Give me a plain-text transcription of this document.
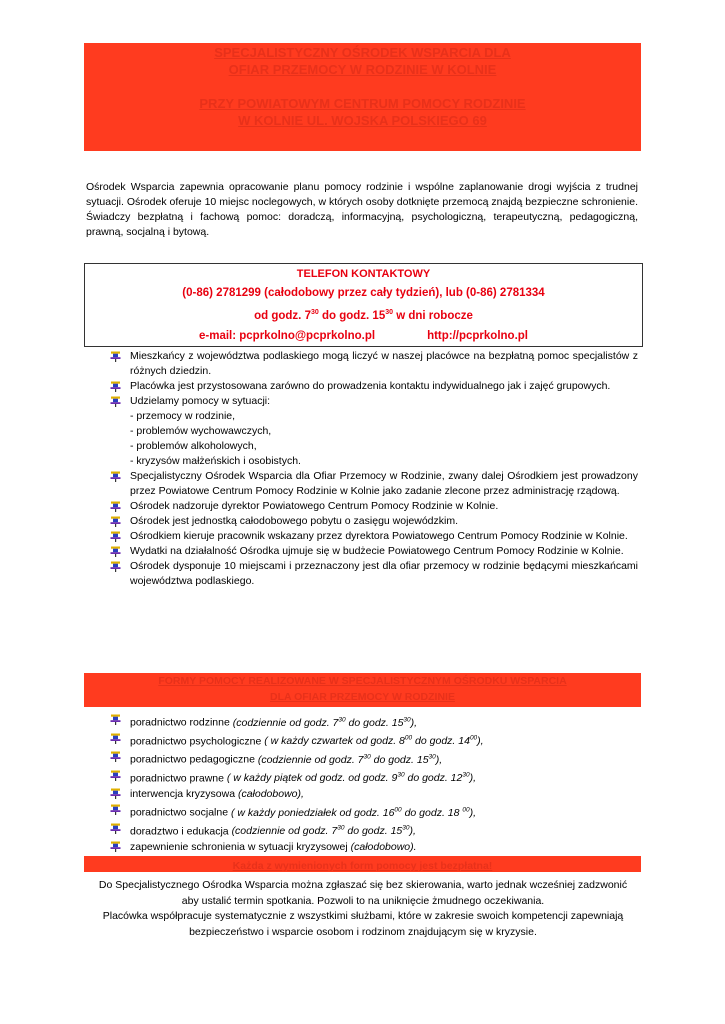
SPECJALISTYCZNY OŚRODEK WSPARCIA DLA
OFIAR PRZEMOCY W RODZINIE W KOLNIE
PRZY POWIATOWYM CENTRUM POMOCY RODZINIE
W KOLNIE UL. WOJSKA POLSKIEGO 69
Ośrodek Wsparcia zapewnia opracowanie planu pomocy rodzinie i wspólne zaplanowanie drogi wyjścia z trudnej sytuacji. Ośrodek oferuje 10 miejsc noclegowych, w których osoby dotknięte przemocą znajdą bezpieczne schronienie. Świadczy bezpłatną i fachową pomoc: doradczą, informacyjną, psychologiczną, terapeutyczną, pedagogiczną, prawną, socjalną i bytową.
TELEFON KONTAKTOWY
(0-86) 2781299 (całodobowy przez cały tydzień), lub (0-86) 2781334
od godz. $7^{30}$ do godz. $15^{30}$ w dni robocze
e-mail: pcprkolno@pcprkolno.pl	http://pcprkolno.pl
Mieszkańcy z województwa podlaskiego mogą liczyć w naszej placówce na bezpłatną pomoc specjalistów z różnych dziedzin.
Placówka jest przystosowana zarówno do prowadzenia kontaktu indywidualnego jak i zajęć grupowych.
Udzielamy pomocy w sytuacji:
- przemocy w rodzinie,
- problemów wychowawczych,
- problemów alkoholowych,
- kryzysów małżeńskich i osobistych.
Specjalistyczny Ośrodek Wsparcia dla Ofiar Przemocy w Rodzinie, zwany dalej Ośrodkiem jest prowadzony przez Powiatowe Centrum Pomocy Rodzinie w Kolnie jako zadanie zlecone przez administrację rządową.
Ośrodek nadzoruje dyrektor Powiatowego Centrum Pomocy Rodzinie w Kolnie.
Ośrodek jest jednostką całodobowego pobytu o zasięgu wojewódzkim.
Ośrodkiem kieruje pracownik wskazany przez dyrektora Powiatowego Centrum Pomocy Rodzinie w Kolnie.
Wydatki na działalność Ośrodka ujmuje się w budżecie Powiatowego Centrum Pomocy Rodzinie w Kolnie.
Ośrodek dysponuje 10 miejscami i przeznaczony jest dla ofiar przemocy w rodzinie będącymi mieszkańcami województwa podlaskiego.
FORMY POMOCY REALIZOWANE W SPECJALISTYCZNYM OŚRODKU WSPARCIA
DLA OFIAR PRZEMOCY W RODZINIE
poradnictwo rodzinne (codziennie od godz. $7^{30}$ do godz. $15^{30}$),
poradnictwo psychologiczne ( w każdy czwartek od godz. $8^{00}$ do godz. $14^{00}$),
poradnictwo pedagogiczne (codziennie od godz. $7^{30}$ do godz. $15^{30}$),
poradnictwo prawne ( w każdy piątek od godz. od godz. $9^{30}$ do godz. $12^{30}$),
interwencja kryzysowa (całodobowo),
poradnictwo socjalne ( w każdy poniedziałek od godz. $16^{00}$ do godz. 18 $^{00}$),
doradztwo i edukacja (codziennie od godz. $7^{30}$ do godz. $15^{30}$),
zapewnienie schronienia w sytuacji kryzysowej (całodobowo).
Każda z wymienionych form pomocy jest bezpłatna!
Do Specjalistycznego Ośrodka Wsparcia można zgłaszać się bez skierowania, warto jednak wcześniej zadzwonić
aby ustalić termin spotkania. Pozwoli to na uniknięcie żmudnego oczekiwania.
Placówka współpracuje systematycznie z wszystkimi służbami, które w zakresie swoich kompetencji zapewniają
bezpieczeństwo i wsparcie osobom i rodzinom znajdującym się w kryzysie.
